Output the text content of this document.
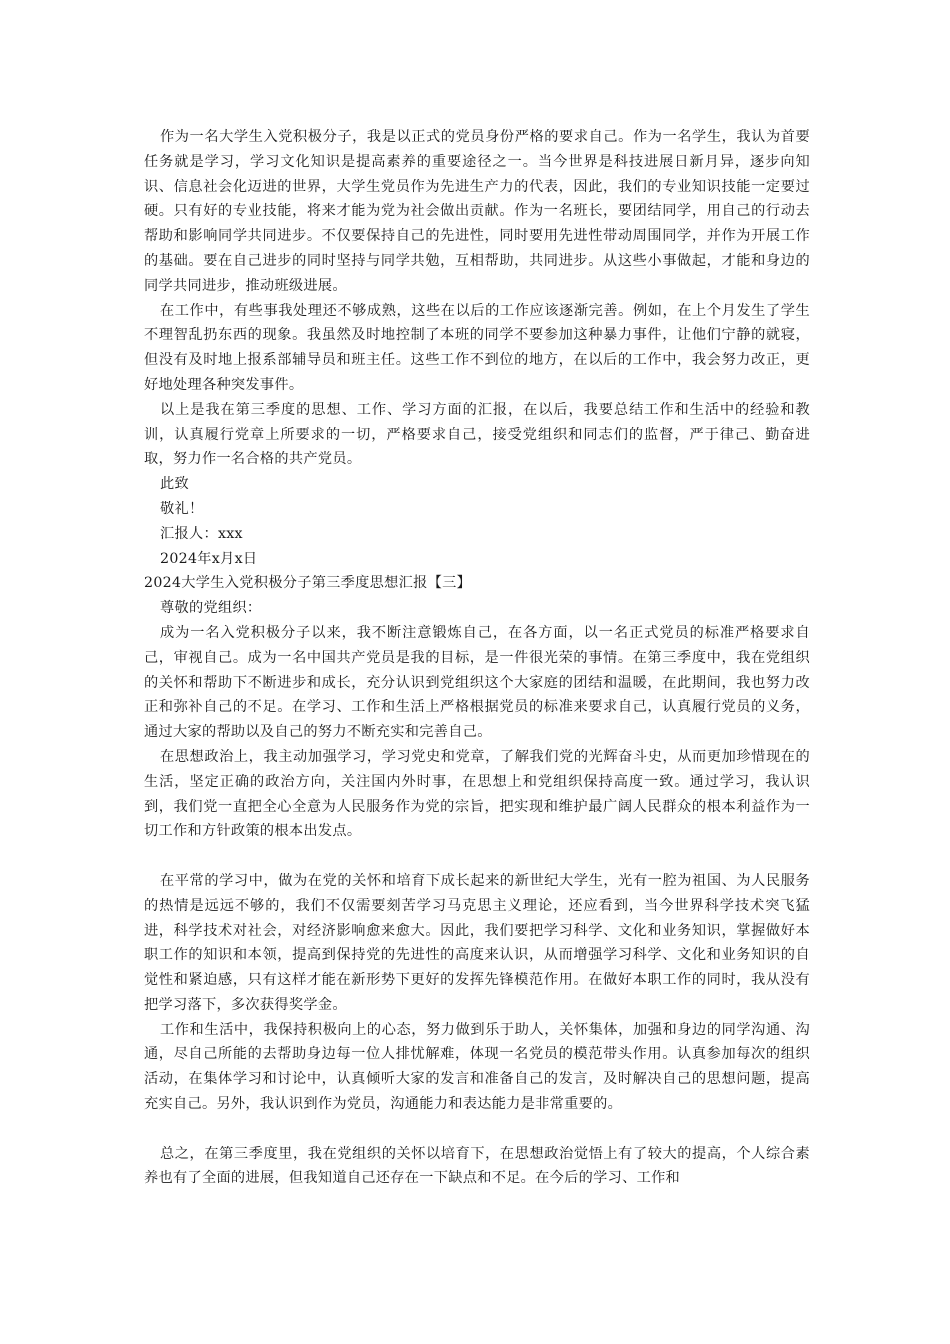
作为一名大学生入党积极分子，我是以正式的党员身份严格的要求自己。作为一名学生，我认为首要任务就是学习，学习文化知识是提高素养的重要途径之一。当今世界是科技进展日新月异，逐步向知识、信息社会化迈进的世界，大学生党员作为先进生产力的代表，因此，我们的专业知识技能一定要过硬。只有好的专业技能，将来才能为党为社会做出贡献。作为一名班长，要团结同学，用自己的行动去帮助和影响同学共同进步。不仅要保持自己的先进性，同时要用先进性带动周围同学，并作为开展工作的基础。要在自己进步的同时坚持与同学共勉，互相帮助，共同进步。从这些小事做起，才能和身边的同学共同进步，推动班级进展。

在工作中，有些事我处理还不够成熟，这些在以后的工作应该逐渐完善。例如，在上个月发生了学生不理智乱扔东西的现象。我虽然及时地控制了本班的同学不要参加这种暴力事件，让他们宁静的就寝，但没有及时地上报系部辅导员和班主任。这些工作不到位的地方，在以后的工作中，我会努力改正，更好地处理各种突发事件。

以上是我在第三季度的思想、工作、学习方面的汇报，在以后，我要总结工作和生活中的经验和教训，认真履行党章上所要求的一切，严格要求自己，接受党组织和同志们的监督，严于律己、勤奋进取，努力作一名合格的共产党员。

此致

敬礼！

汇报人：xxx

2024年x月x日

2024大学生入党积极分子第三季度思想汇报【三】

尊敬的党组织：

成为一名入党积极分子以来，我不断注意锻炼自己，在各方面，以一名正式党员的标准严格要求自己，审视自己。成为一名中国共产党员是我的目标，是一件很光荣的事情。在第三季度中，我在党组织的关怀和帮助下不断进步和成长，充分认识到党组织这个大家庭的团结和温暖，在此期间，我也努力改正和弥补自己的不足。在学习、工作和生活上严格根据党员的标准来要求自己，认真履行党员的义务，通过大家的帮助以及自己的努力不断充实和完善自己。

在思想政治上，我主动加强学习，学习党史和党章，了解我们党的光辉奋斗史，从而更加珍惜现在的生活，坚定正确的政治方向，关注国内外时事，在思想上和党组织保持高度一致。通过学习，我认识到，我们党一直把全心全意为人民服务作为党的宗旨，把实现和维护最广阔人民群众的根本利益作为一切工作和方针政策的根本出发点。

在平常的学习中，做为在党的关怀和培育下成长起来的新世纪大学生，光有一腔为祖国、为人民服务的热情是远远不够的，我们不仅需要刻苦学习马克思主义理论，还应看到，当今世界科学技术突飞猛进，科学技术对社会，对经济影响愈来愈大。因此，我们要把学习科学、文化和业务知识，掌握做好本职工作的知识和本领，提高到保持党的先进性的高度来认识，从而增强学习科学、文化和业务知识的自觉性和紧迫感，只有这样才能在新形势下更好的发挥先锋模范作用。在做好本职工作的同时，我从没有把学习落下，多次获得奖学金。

工作和生活中，我保持积极向上的心态，努力做到乐于助人，关怀集体，加强和身边的同学沟通、沟通，尽自己所能的去帮助身边每一位人排忧解难，体现一名党员的模范带头作用。认真参加每次的组织活动，在集体学习和讨论中，认真倾听大家的发言和准备自己的发言，及时解决自己的思想问题，提高充实自己。另外，我认识到作为党员，沟通能力和表达能力是非常重要的。

总之，在第三季度里，我在党组织的关怀以培育下，在思想政治觉悟上有了较大的提高，个人综合素养也有了全面的进展，但我知道自己还存在一下缺点和不足。在今后的学习、工作和
